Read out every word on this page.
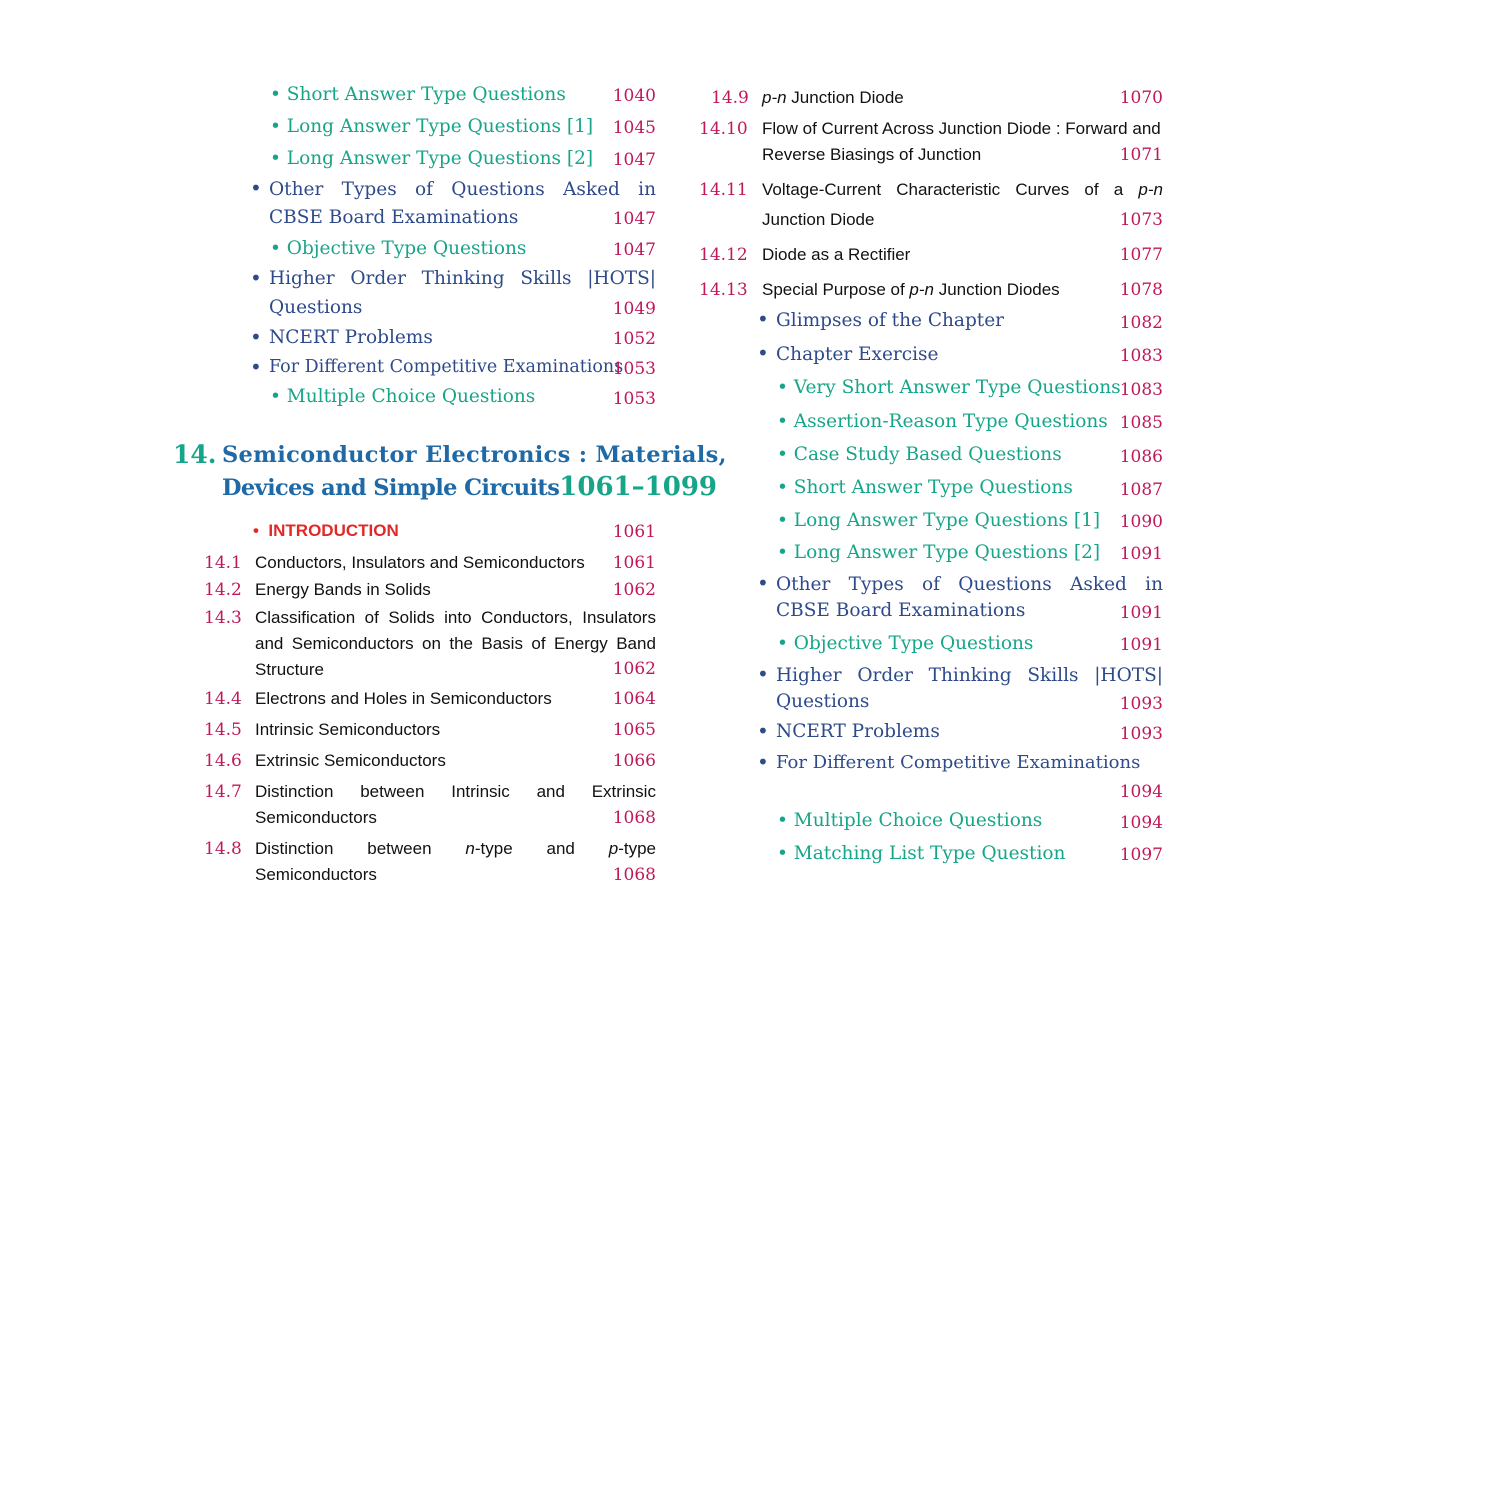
• Short Answer Type Questions	1040
• Long Answer Type Questions [1]	1045
• Long Answer Type Questions [2]	1047
• Other Types of Questions Asked in
CBSE Board Examinations	1047
• Objective Type Questions	1047
• Higher Order Thinking Skills |HOTS|
Questions	1049
• NCERT Problems	1052
• For Different Competitive Examinations
1053
• Multiple Choice Questions	1053
14. Semiconductor Electronics : Materials,
Devices and Simple Circuits 1061–1099
• INTRODUCTION	1061
14.1 Conductors, Insulators and Semiconductors	1061
14.2 Energy Bands in Solids	1062
14.3 Classification of Solids into Conductors, Insulators
and Semiconductors on the Basis of Energy Band
Structure	1062
14.4 Electrons and Holes in Semiconductors	1064
14.5 Intrinsic Semiconductors	1065
14.6 Extrinsic Semiconductors	1066
14.7 Distinction between Intrinsic and Extrinsic
Semiconductors	1068
14.8 Distinction between n-type and p-type
Semiconductors	1068
14.9 p-n Junction Diode	1070
14.10 Flow of Current Across Junction Diode : Forward and
Reverse Biasings of Junction	1071
14.11 Voltage-Current Characteristic Curves of a p-n
Junction Diode	1073
14.12 Diode as a Rectifier	1077
14.13 Special Purpose of p-n Junction Diodes	1078
• Glimpses of the Chapter	1082
• Chapter Exercise	1083
• Very Short Answer Type Questions 1083
• Assertion-Reason Type Questions 1085
• Case Study Based Questions	1086
• Short Answer Type Questions	1087
• Long Answer Type Questions [1]	1090
• Long Answer Type Questions [2]	1091
• Other Types of Questions Asked in
CBSE Board Examinations	1091
• Objective Type Questions	1091
• Higher Order Thinking Skills |HOTS|
Questions	1093
• NCERT Problems	1093
• For Different Competitive Examinations
1094
• Multiple Choice Questions	1094
• Matching List Type Question	1097
